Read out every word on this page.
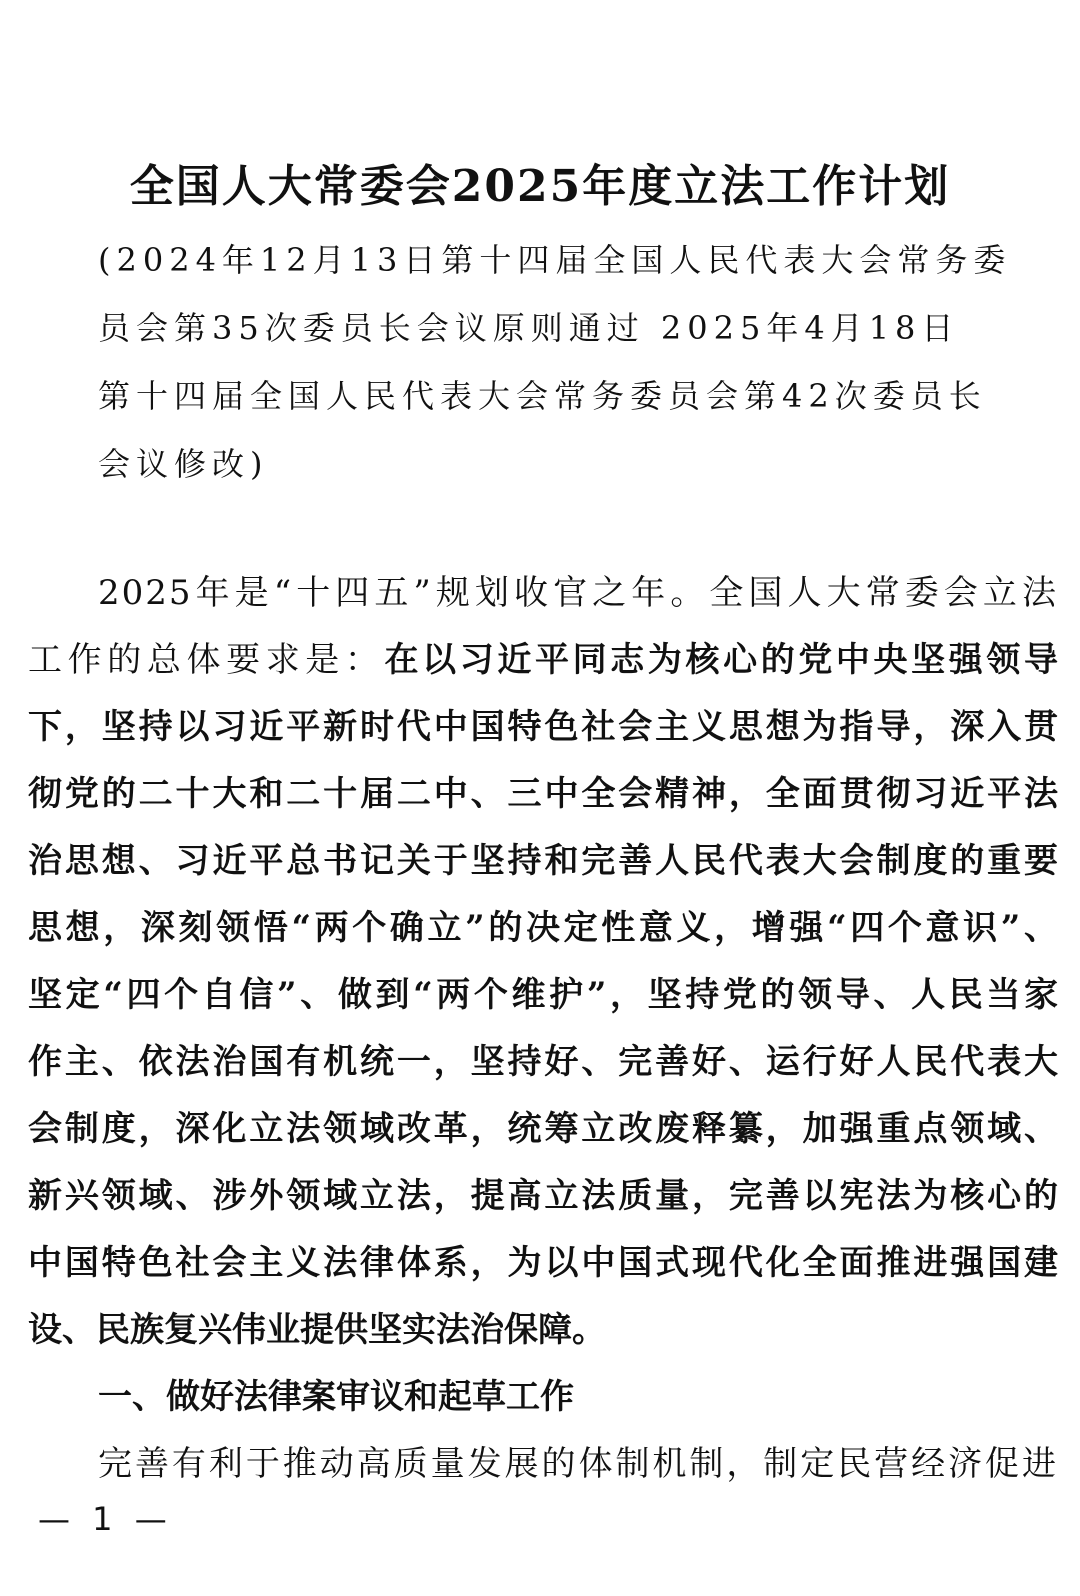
全国人大常委会2025年度立法工作计划
(2024年12月13日第十四届全国人民代表大会常务委
员会第35次委员长会议原则通过 2025年4月18日
第十四届全国人民代表大会常务委员会第42次委员长
会议修改)
2025年是“十四五”规划收官之年。全国人大常委会立法
工作的总体要求是：在以习近平同志为核心的党中央坚强领导
下，坚持以习近平新时代中国特色社会主义思想为指导，深入贯
彻党的二十大和二十届二中、三中全会精神，全面贯彻习近平法
治思想、习近平总书记关于坚持和完善人民代表大会制度的重要
思想，深刻领悟“两个确立”的决定性意义，增强“四个意识”、
坚定“四个自信”、做到“两个维护”，坚持党的领导、人民当家
作主、依法治国有机统一，坚持好、完善好、运行好人民代表大
会制度，深化立法领域改革，统筹立改废释纂，加强重点领域、
新兴领域、涉外领域立法，提高立法质量，完善以宪法为核心的
中国特色社会主义法律体系，为以中国式现代化全面推进强国建
设、民族复兴伟业提供坚实法治保障。
一、做好法律案审议和起草工作
完善有利于推动高质量发展的体制机制，制定民营经济促进
— 1 —
